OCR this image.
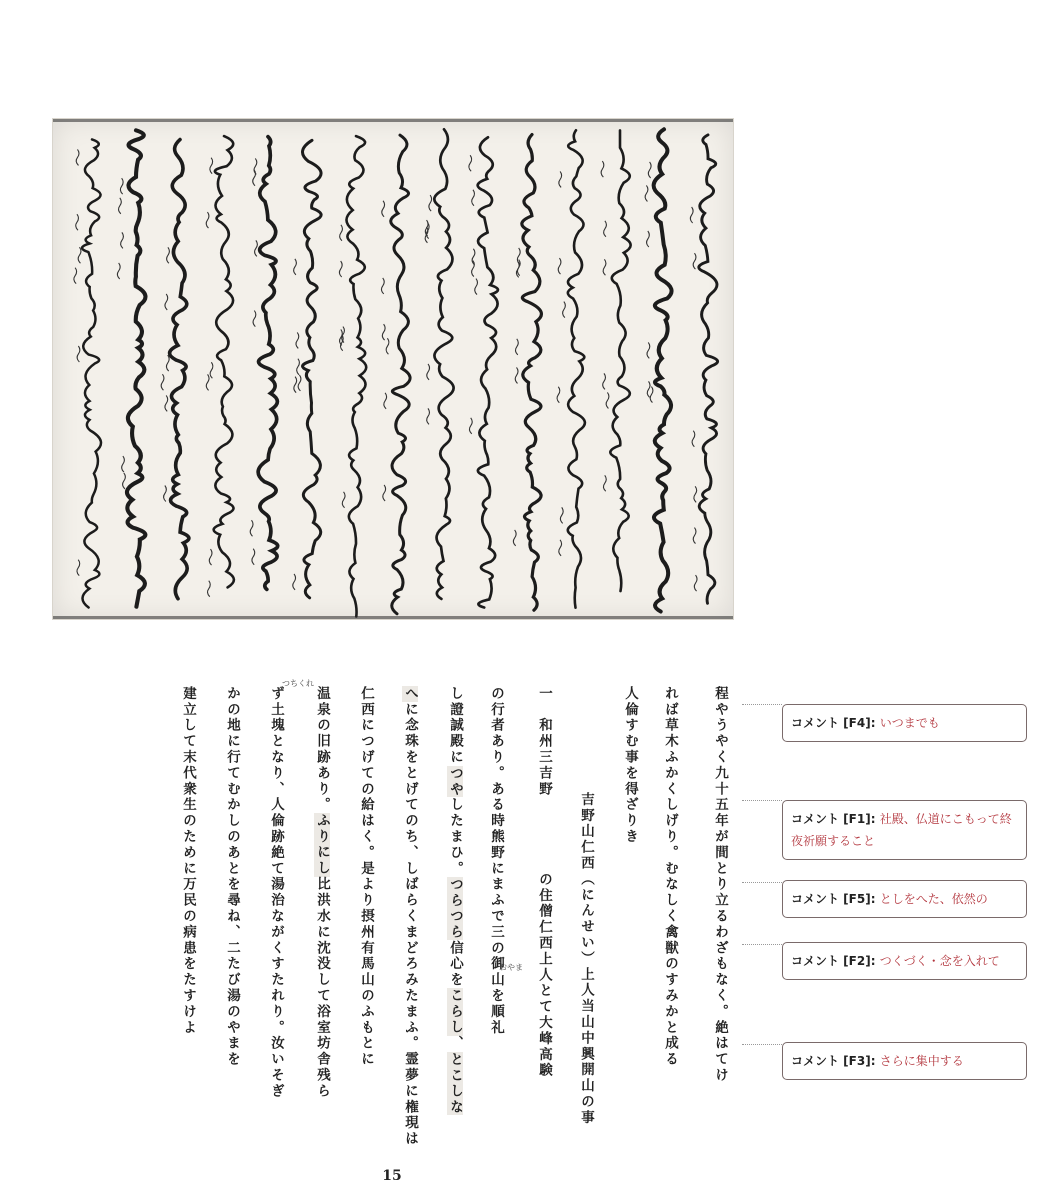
程やうやく九十五年が間とり立るわざもなく。絶はてけ
れば草木ふかくしげり。むなしく禽獣のすみかと成る
人倫すむ事を得ざりき
吉野山仁西（にんせい）上人当山中興開山の事
一　和州三吉野
の住僧仁西上人とて大峰高験
の行者あり。ある時熊野にまふで三の御山を順礼
おやま
し證誠殿につやしたまひ。つらつら信心をこらし、とこしな
へに念珠をとげてのち、しばらくまどろみたまふ。霊夢に権現は
仁西につげての給はく。是より摂州有馬山のふもとに
温泉の旧跡あり。ふりにし比洪水に沈没して浴室坊舎残ら
ず土塊となり、人倫跡絶て湯治ながくすたれり。汝いそぎ
つちくれ
かの地に行てむかしのあとを尋ね、二たび湯のやまを
建立して末代衆生のために万民の病患をたすけよ
15
コメント [F4]: いつまでも
コメント [F1]: 社殿、仏道にこもって終夜祈願すること
コメント [F5]: としをへた、依然の
コメント [F2]: つくづく・念を入れて
コメント [F3]: さらに集中する
